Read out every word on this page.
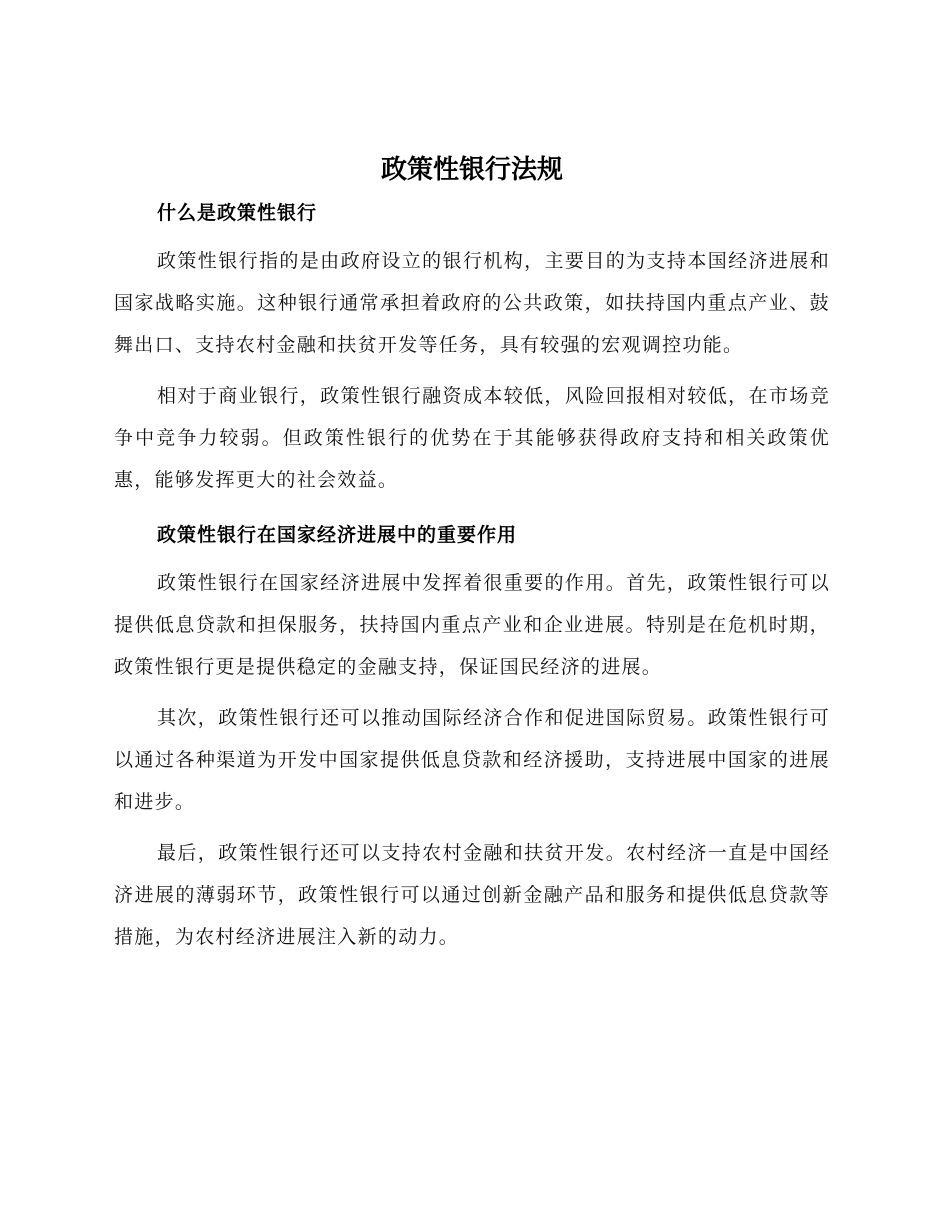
政策性银行法规
什么是政策性银行

政策性银行指的是由政府设立的银行机构，主要目的为支持本国经济进展和国家战略实施。这种银行通常承担着政府的公共政策，如扶持国内重点产业、鼓舞出口、支持农村金融和扶贫开发等任务，具有较强的宏观调控功能。

相对于商业银行，政策性银行融资成本较低，风险回报相对较低，在市场竞争中竞争力较弱。但政策性银行的优势在于其能够获得政府支持和相关政策优惠，能够发挥更大的社会效益。

政策性银行在国家经济进展中的重要作用

政策性银行在国家经济进展中发挥着很重要的作用。首先，政策性银行可以提供低息贷款和担保服务，扶持国内重点产业和企业进展。特别是在危机时期，政策性银行更是提供稳定的金融支持，保证国民经济的进展。

其次，政策性银行还可以推动国际经济合作和促进国际贸易。政策性银行可以通过各种渠道为开发中国家提供低息贷款和经济援助，支持进展中国家的进展和进步。

最后，政策性银行还可以支持农村金融和扶贫开发。农村经济一直是中国经济进展的薄弱环节，政策性银行可以通过创新金融产品和服务和提供低息贷款等措施，为农村经济进展注入新的动力。
